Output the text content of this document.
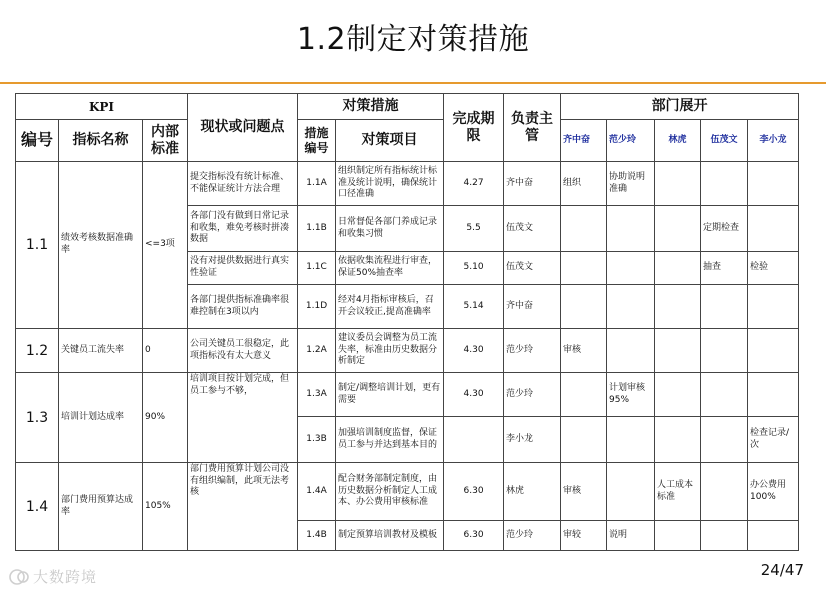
1.2制定对策措施
KPI			现状或问题点	对策措施		完成期限	负责主管	部门展开				
编号	指标名称	内部标准		措施编号	对策项目			齐中奋	范少玲	林虎	伍茂文	李小龙
1.1	绩效考核数据准确率	<=3项	提交指标没有统计标准、不能保证统计方法合理	1.1A	组织制定所有指标统计标准及统计说明，确保统计口径准确	4.27	齐中奋	组织	协助说明准确			
			各部门没有做到日常记录和收集，难免考核时拼凑数据	1.1B	日常督促各部门养成记录和收集习惯	5.5	伍茂文				定期检查	
			没有对提供数据进行真实性验证	1.1C	依据收集流程进行审查，保证50%抽查率	5.10	伍茂文				抽查	检验
			各部门提供指标准确率很难控制在3项以内	1.1D	经对4月指标审核后，召开会议较正,提高准确率	5.14	齐中奋					
1.2	关键员工流失率	0	公司关键员工很稳定，此项指标没有太大意义	1.2A	建议委员会调整为员工流失率，标准由历史数据分析制定	4.30	范少玲	审核				
1.3	培训计划达成率	90%	培训项目按计划完成，但员工参与不够，	1.3A	制定/调整培训计划，更有需要	4.30	范少玲		计划审核95%			
				1.3B	加强培训制度监督，保证员工参与并达到基本目的		李小龙					检查记录/次
1.4	部门费用预算达成率	105%	部门费用预算计划公司没有组织编制，此项无法考核	1.4A	配合财务部制定制度，由历史数据分析制定人工成本、办公费用审核标准	6.30	林虎	审核		人工成本标准		办公费用100%
				1.4B	制定预算培训教材及模板	6.30	范少玲	审较	说明			
24/47
大数跨境
